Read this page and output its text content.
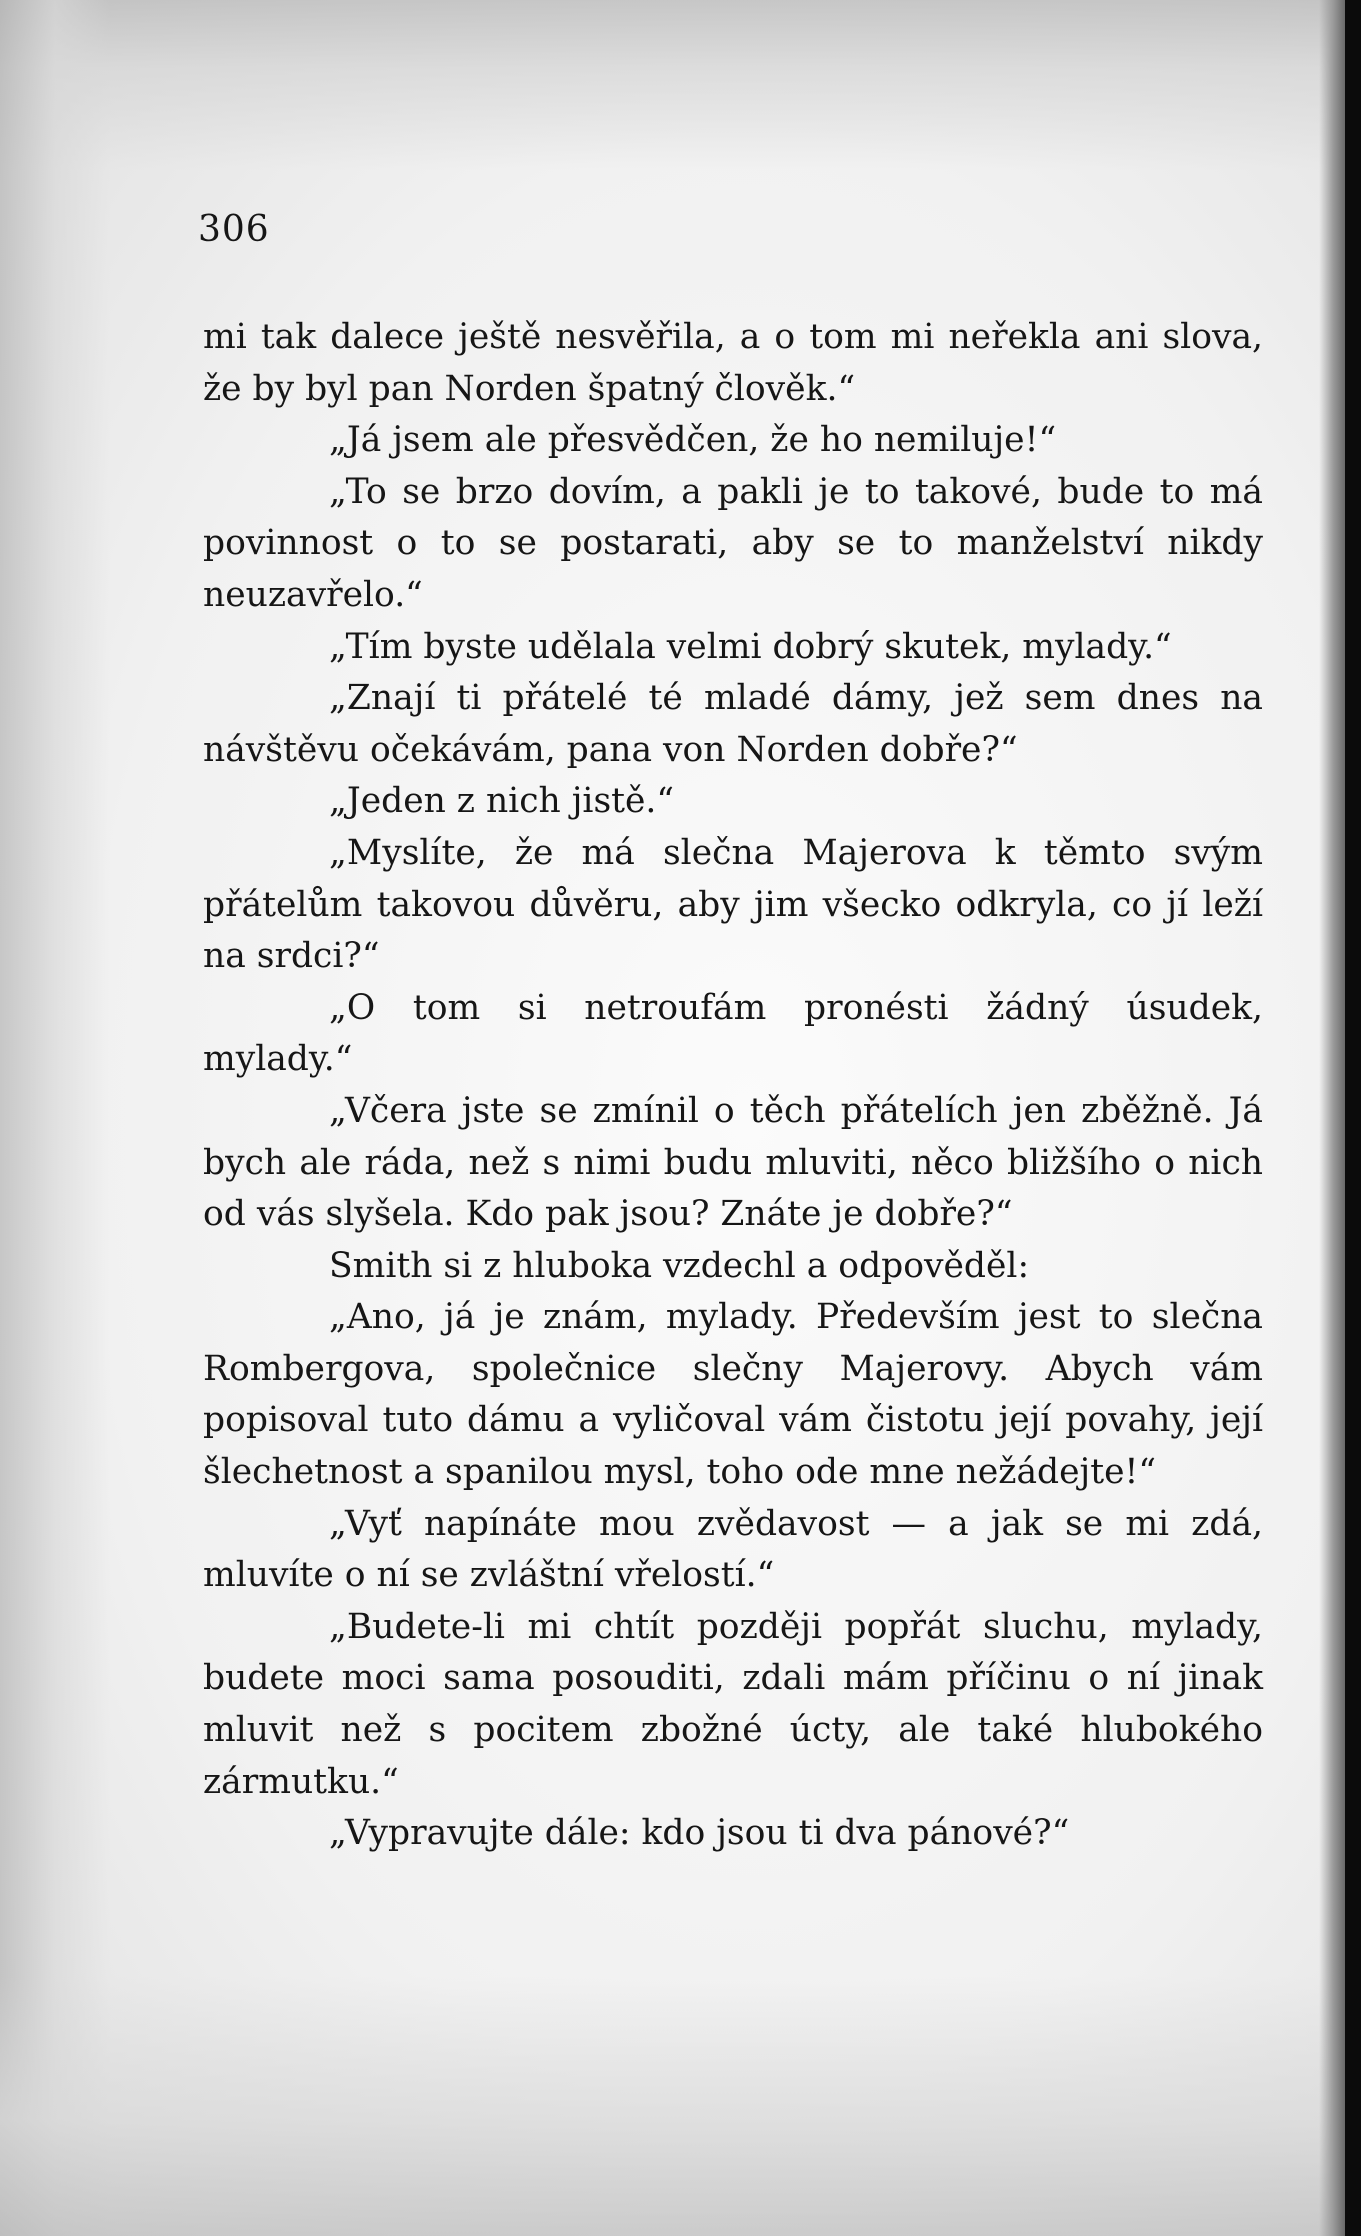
306

mi tak dalece ještě nesvěřila, a o tom mi neřekla ani slova, že by byl pan Norden špatný člověk.“

„Já jsem ale přesvědčen, že ho nemiluje!“

„To se brzo dovím, a pakli je to takové, bude to má povinnost o to se postarati, aby se to manželství nikdy neuzavřelo.“

„Tím byste udělala velmi dobrý skutek, mylady.“

„Znají ti přátelé té mladé dámy, jež sem dnes na návštěvu očekávám, pana von Norden dobře?“

„Jeden z nich jistě.“

„Myslíte, že má slečna Majerova k těmto svým přátelům takovou důvěru, aby jim všecko odkryla, co jí leží na srdci?“

„O tom si netroufám pronésti žádný úsudek, mylady.“

„Včera jste se zmínil o těch přátelích jen zběžně. Já bych ale ráda, než s nimi budu mluviti, něco bližšího o nich od vás slyšela. Kdo pak jsou? Znáte je dobře?“

Smith si z hluboka vzdechl a odpověděl:

„Ano, já je znám, mylady. Především jest to slečna Rombergova, společnice slečny Majerovy. Abych vám popisoval tuto dámu a vyličoval vám čistotu její povahy, její šlechetnost a spanilou mysl, toho ode mne nežádejte!“

„Vyť napínáte mou zvědavost — a jak se mi zdá, mluvíte o ní se zvláštní vřelostí.“

„Budete-li mi chtít později popřát sluchu, mylady, budete moci sama posouditi, zdali mám příčinu o ní jinak mluvit než s pocitem zbožné úcty, ale také hlubokého zármutku.“

„Vypravujte dále: kdo jsou ti dva pánové?“
